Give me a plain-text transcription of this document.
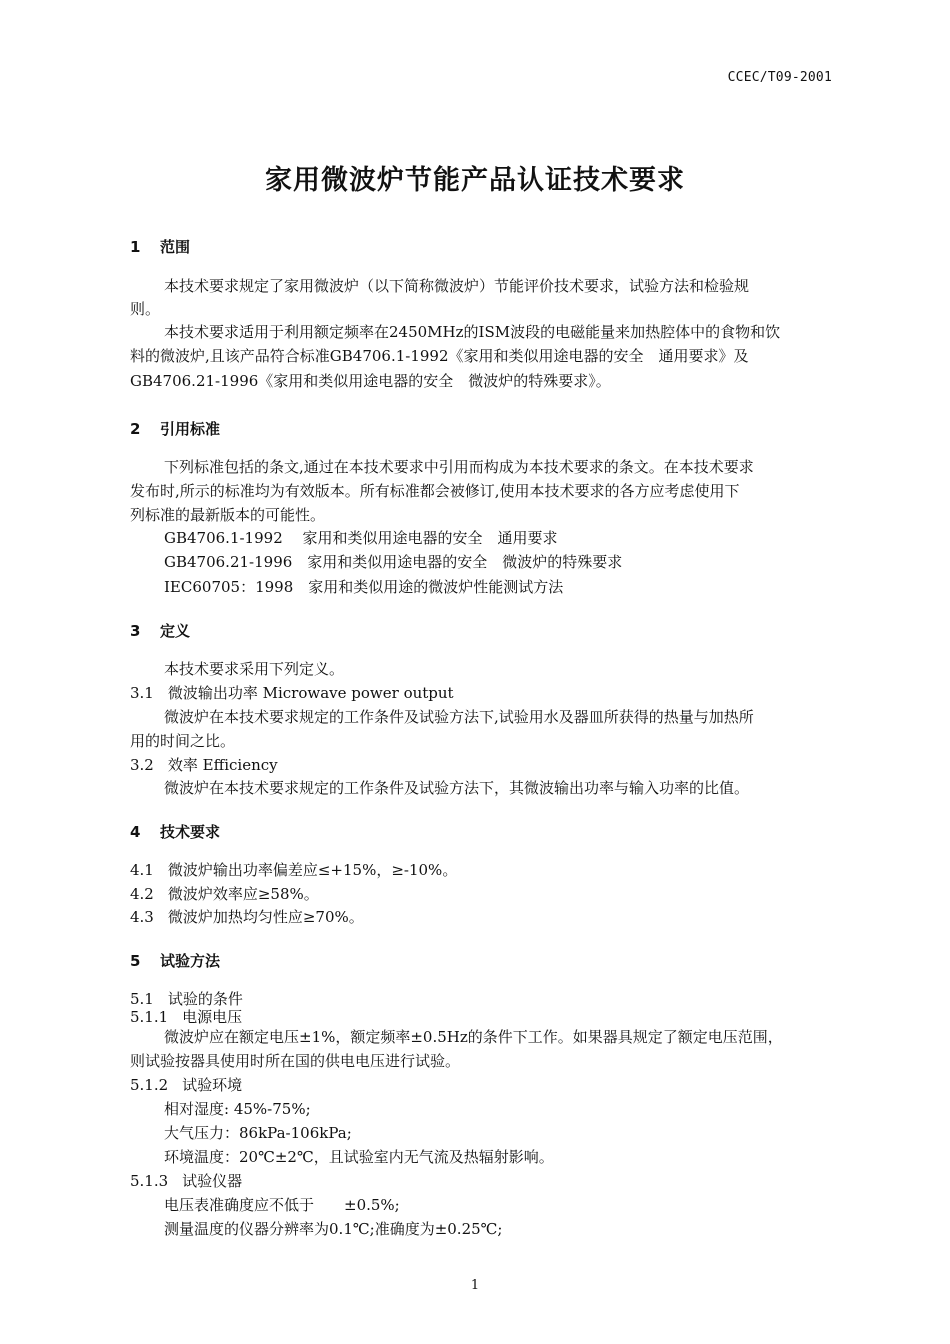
CCEC/T09-2001
家用微波炉节能产品认证技术要求
1 范围
本技术要求规定了家用微波炉（以下简称微波炉）节能评价技术要求，试验方法和检验规
则。
本技术要求适用于利用额定频率在2450MHz的ISM波段的电磁能量来加热腔体中的食物和饮
料的微波炉,且该产品符合标准GB4706.1-1992《家用和类似用途电器的安全　通用要求》及
GB4706.21-1996《家用和类似用途电器的安全　微波炉的特殊要求》。
2 引用标准
下列标准包括的条文,通过在本技术要求中引用而构成为本技术要求的条文。在本技术要求
发布时,所示的标准均为有效版本。所有标准都会被修订,使用本技术要求的各方应考虑使用下
列标准的最新版本的可能性。
GB4706.1-1992　 家用和类似用途电器的安全　通用要求
GB4706.21-1996　家用和类似用途电器的安全　微波炉的特殊要求
IEC60705：1998　家用和类似用途的微波炉性能测试方法
3 定义
本技术要求采用下列定义。
3.1 微波输出功率 Microwave power output
微波炉在本技术要求规定的工作条件及试验方法下,试验用水及器皿所获得的热量与加热所
用的时间之比。
3.2 效率 Efficiency
微波炉在本技术要求规定的工作条件及试验方法下，其微波输出功率与输入功率的比值。
4 技术要求
4.1 微波炉输出功率偏差应≤+15%，≥-10%。
4.2 微波炉效率应≥58%。
4.3 微波炉加热均匀性应≥70%。
5 试验方法
5.1 试验的条件
5.1.1 电源电压
微波炉应在额定电压±1%，额定频率±0.5Hz的条件下工作。如果器具规定了额定电压范围，
则试验按器具使用时所在国的供电电压进行试验。
5.1.2 试验环境
相对湿度: 45%-75%;
大气压力：86kPa-106kPa;
环境温度：20℃±2℃，且试验室内无气流及热辐射影响。
5.1.3 试验仪器
电压表准确度应不低于　　±0.5%;
测量温度的仪器分辨率为0.1℃;准确度为±0.25℃;
1
